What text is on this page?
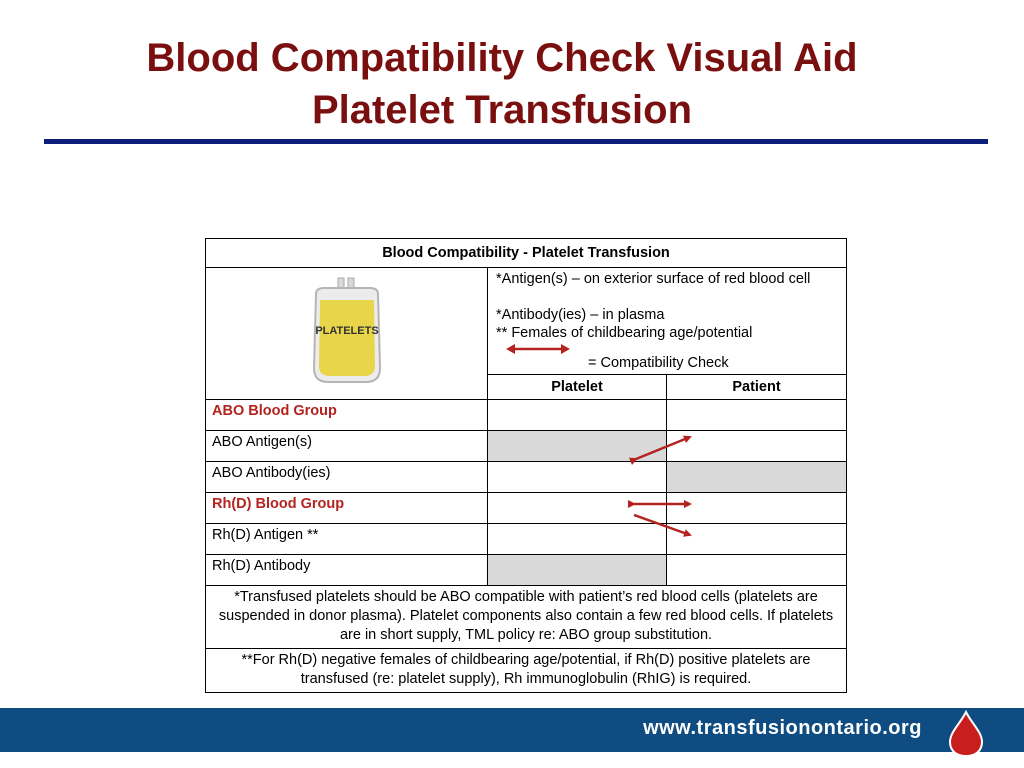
Blood Compatibility Check Visual Aid
Platelet Transfusion
Blood Compatibility - Platelet Transfusion		

PLATELETS	*Antigen(s) – on exterior surface of red blood cell
*Antibody(ies) – in plasma
** Females of childbearing age/potential
= Compatibility Check	

	Platelet	Patient
ABO Blood Group		
ABO Antigen(s)		
ABO Antibody(ies)		
Rh(D) Blood Group		
Rh(D) Antigen **		
Rh(D) Antibody		
*Transfused platelets should be ABO compatible with patient’s red blood cells (platelets are suspended in donor plasma). Platelet components also contain a few red blood cells. If platelets are in short supply, TML policy re: ABO group substitution.		
**For Rh(D) negative females of childbearing age/potential, if Rh(D) positive platelets are transfused (re: platelet supply), Rh immunoglobulin (RhIG) is required.		
www.transfusionontario.org
